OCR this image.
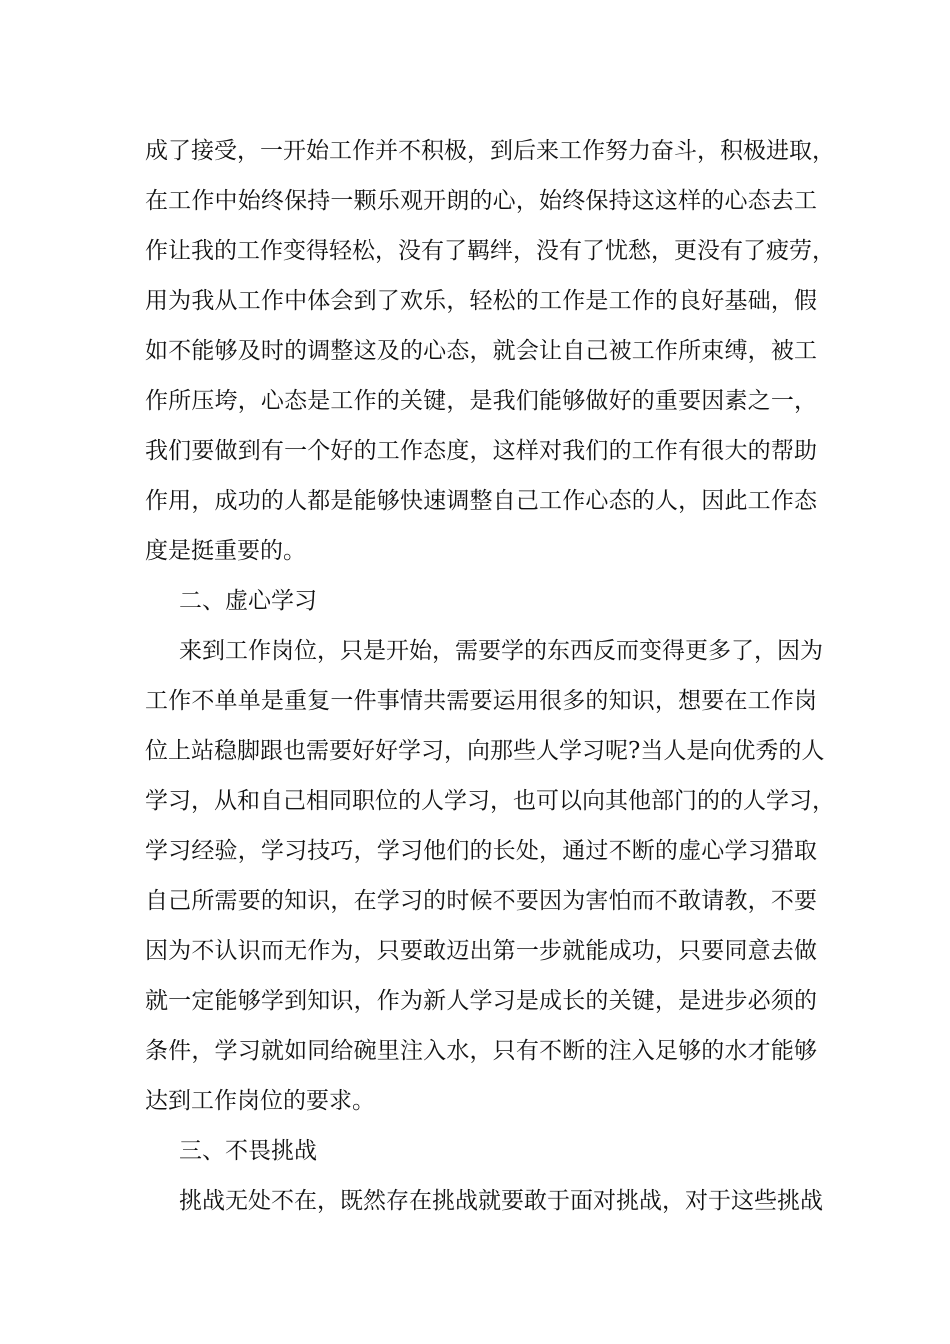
成了接受，一开始工作并不积极，到后来工作努力奋斗，积极进取，
在工作中始终保持一颗乐观开朗的心，始终保持这这样的心态去工
作让我的工作变得轻松，没有了羁绊，没有了忧愁，更没有了疲劳，
用为我从工作中体会到了欢乐，轻松的工作是工作的良好基础，假
如不能够及时的调整这及的心态，就会让自己被工作所束缚，被工
作所压垮，心态是工作的关键，是我们能够做好的重要因素之一，
我们要做到有一个好的工作态度，这样对我们的工作有很大的帮助
作用，成功的人都是能够快速调整自己工作心态的人，因此工作态
度是挺重要的。
二、虚心学习
来到工作岗位，只是开始，需要学的东西反而变得更多了，因为
工作不单单是重复一件事情共需要运用很多的知识，想要在工作岗
位上站稳脚跟也需要好好学习，向那些人学习呢?当人是向优秀的人
学习，从和自己相同职位的人学习，也可以向其他部门的的人学习，
学习经验，学习技巧，学习他们的长处，通过不断的虚心学习猎取
自己所需要的知识，在学习的时候不要因为害怕而不敢请教，不要
因为不认识而无作为，只要敢迈出第一步就能成功，只要同意去做
就一定能够学到知识，作为新人学习是成长的关键，是进步必须的
条件，学习就如同给碗里注入水，只有不断的注入足够的水才能够
达到工作岗位的要求。
三、不畏挑战
挑战无处不在，既然存在挑战就要敢于面对挑战，对于这些挑战
